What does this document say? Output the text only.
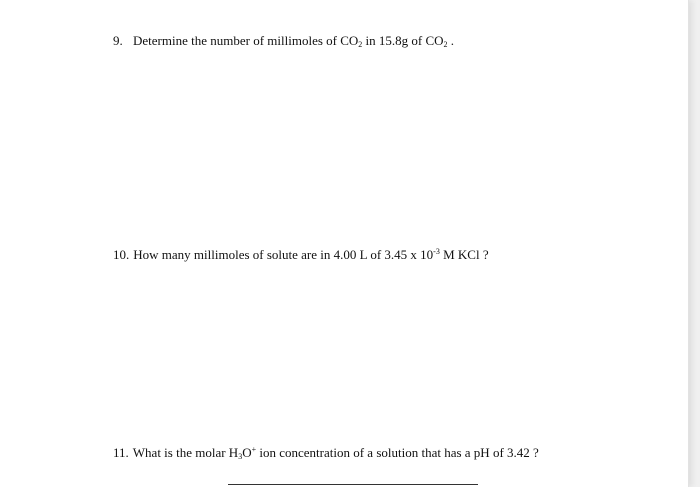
9. Determine the number of millimoles of $CO_2$ in 15.8g of $CO_2$ .
10. How many millimoles of solute are in 4.00 L of 3.45 x $10^{-3}$ M KCl ?
11. What is the molar $H_3O^+$ ion concentration of a solution that has a pH of 3.42 ?
